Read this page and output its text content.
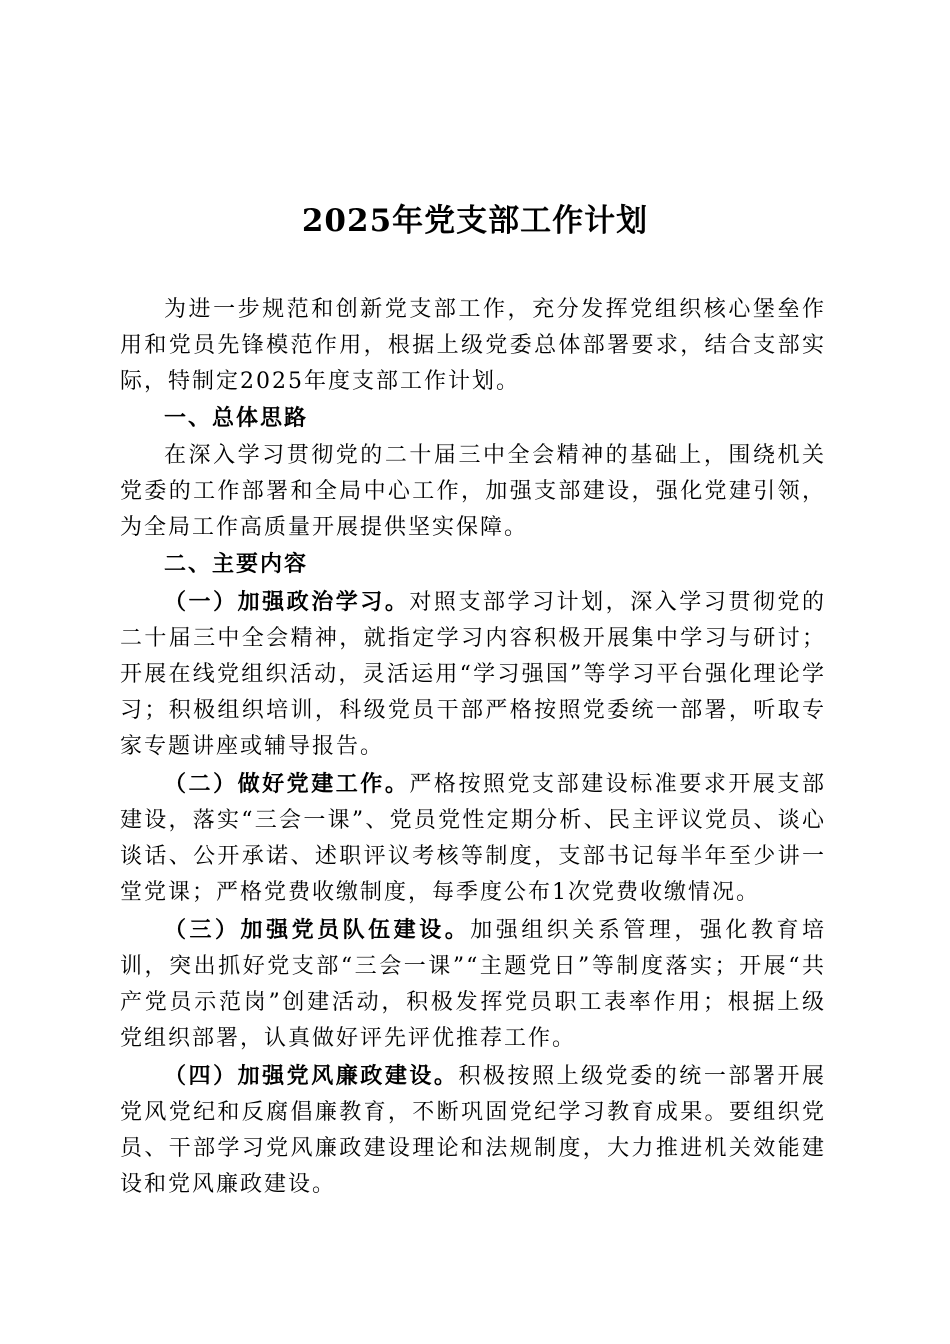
2025年党支部工作计划

为进一步规范和创新党支部工作，充分发挥党组织核心堡垒作用和党员先锋模范作用，根据上级党委总体部署要求，结合支部实际，特制定2025年度支部工作计划。

一、总体思路

在深入学习贯彻党的二十届三中全会精神的基础上，围绕机关党委的工作部署和全局中心工作，加强支部建设，强化党建引领，为全局工作高质量开展提供坚实保障。

二、主要内容

（一）加强政治学习。对照支部学习计划，深入学习贯彻党的二十届三中全会精神，就指定学习内容积极开展集中学习与研讨；开展在线党组织活动，灵活运用“学习强国”等学习平台强化理论学习；积极组织培训，科级党员干部严格按照党委统一部署，听取专家专题讲座或辅导报告。

（二）做好党建工作。严格按照党支部建设标准要求开展支部建设，落实“三会一课”、党员党性定期分析、民主评议党员、谈心谈话、公开承诺、述职评议考核等制度，支部书记每半年至少讲一堂党课；严格党费收缴制度，每季度公布1次党费收缴情况。

（三）加强党员队伍建设。加强组织关系管理，强化教育培训，突出抓好党支部“三会一课”“主题党日”等制度落实；开展“共产党员示范岗”创建活动，积极发挥党员职工表率作用；根据上级党组织部署，认真做好评先评优推荐工作。

（四）加强党风廉政建设。积极按照上级党委的统一部署开展党风党纪和反腐倡廉教育，不断巩固党纪学习教育成果。要组织党员、干部学习党风廉政建设理论和法规制度，大力推进机关效能建设和党风廉政建设。
